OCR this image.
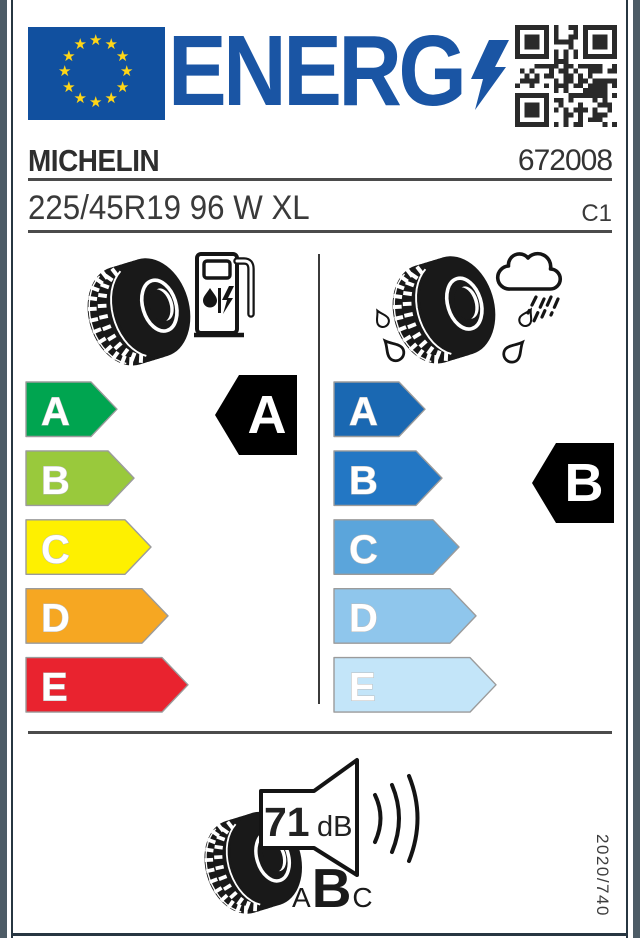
★ ★
★
★
★
★
★
★
★
★
★
★ ENERG
MICHELIN	672008
225/45R19 96 W XL	C1
A
B
C
D
E
A
B
C
D
E
A
B
71 dB
A B C	2020/740
